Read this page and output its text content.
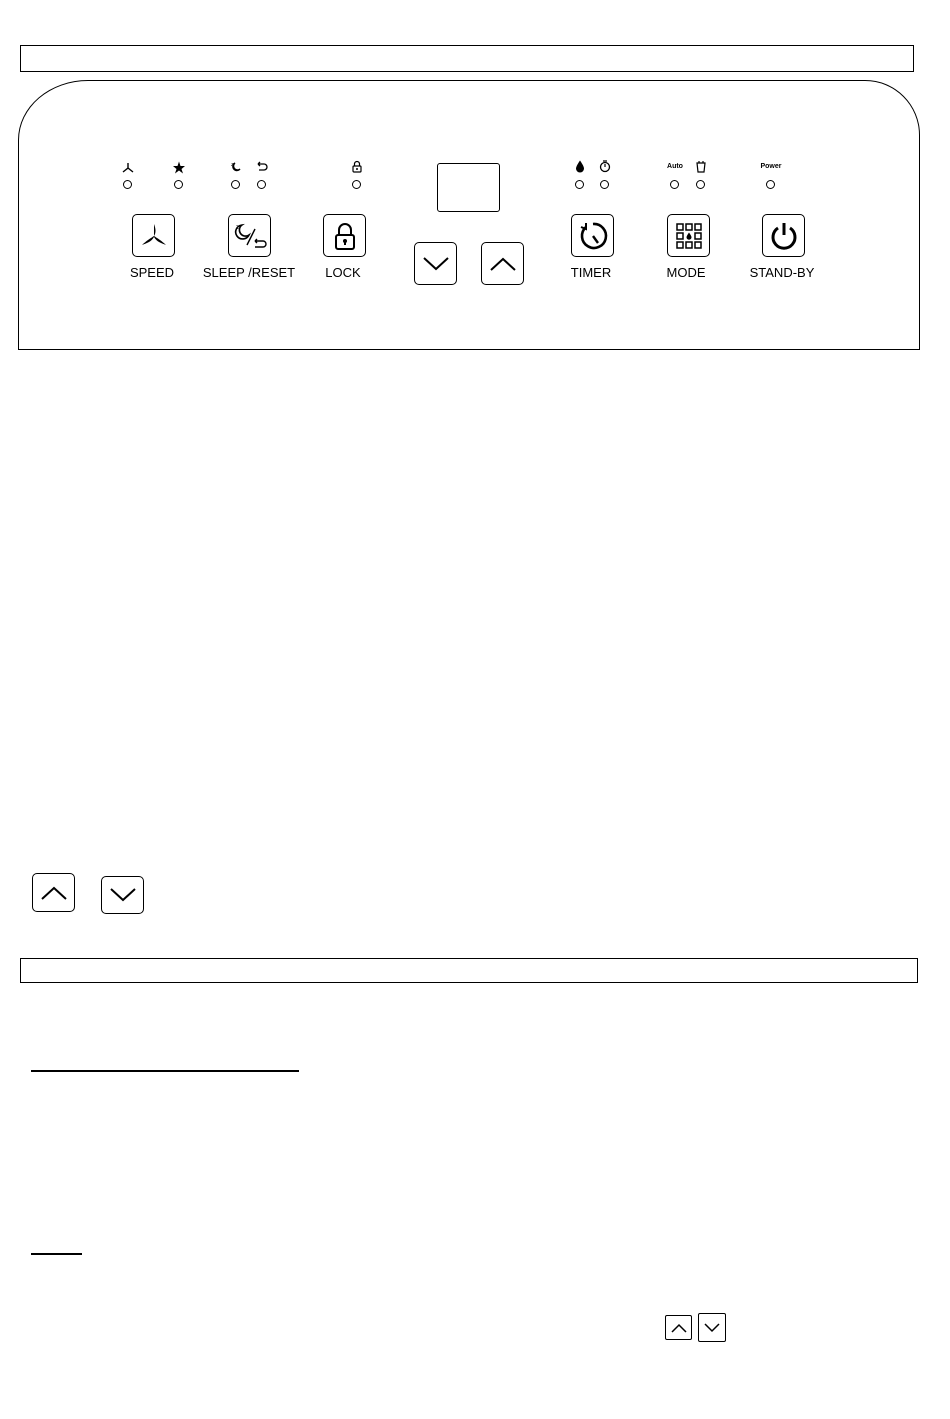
z	Auto	Power
SPEED
z
SLEEP /RESET LOCK	TIMER	MODE	STAND-BY
